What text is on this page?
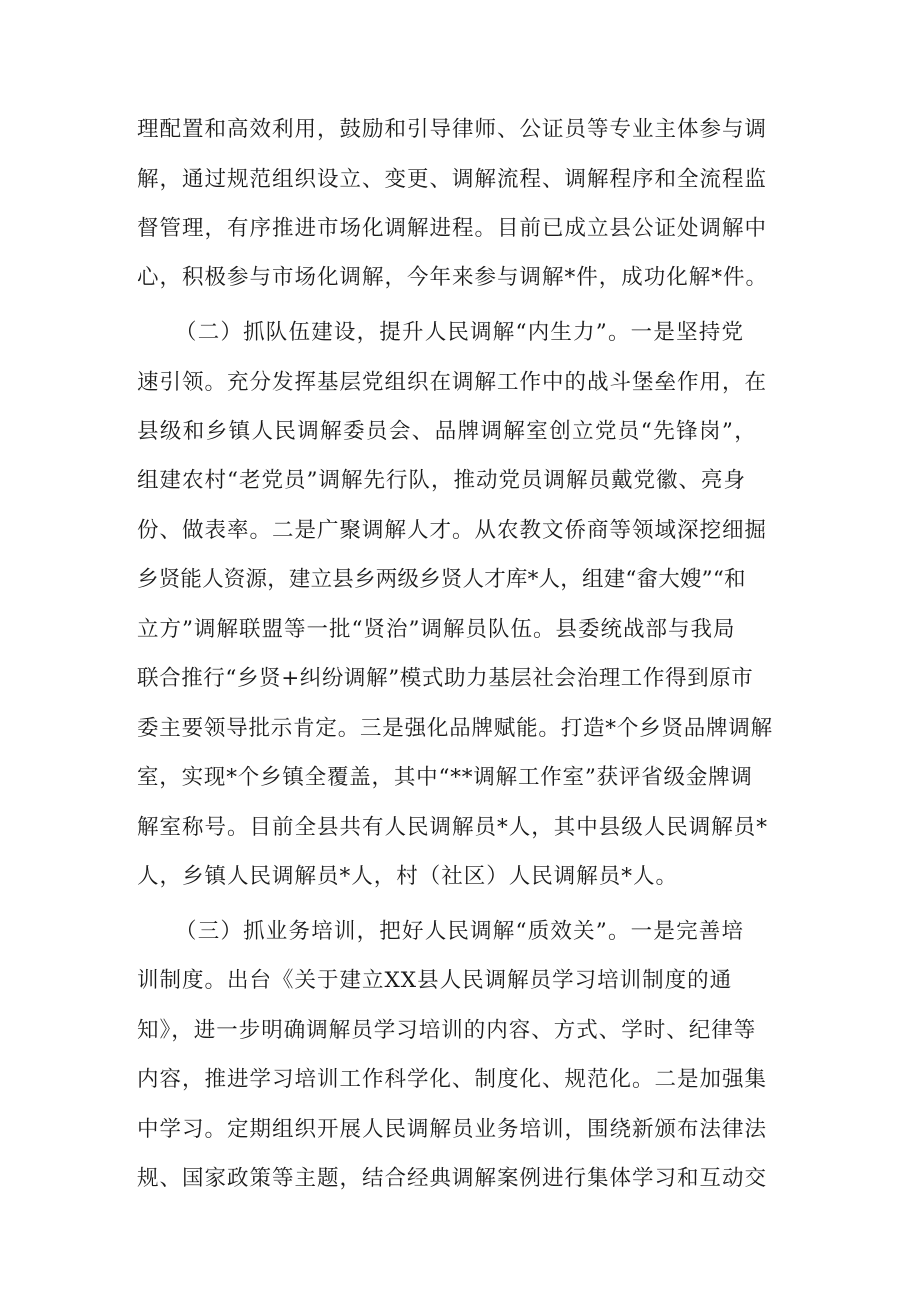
理配置和高效利用，鼓励和引导律师、公证员等专业主体参与调
解，通过规范组织设立、变更、调解流程、调解程序和全流程监
督管理，有序推进市场化调解进程。目前已成立县公证处调解中
心，积极参与市场化调解，今年来参与调解*件，成功化解*件。
（二）抓队伍建设，提升人民调解“内生力”。一是坚持党
速引领。充分发挥基层党组织在调解工作中的战斗堡垒作用，在
县级和乡镇人民调解委员会、品牌调解室创立党员“先锋岗”，
组建农村“老党员”调解先行队，推动党员调解员戴党徽、亮身
份、做表率。二是广聚调解人才。从农教文侨商等领域深挖细掘
乡贤能人资源，建立县乡两级乡贤人才库*人，组建“畲大嫂”“和
立方”调解联盟等一批“贤治”调解员队伍。县委统战部与我局
联合推行“乡贤+纠纷调解”模式助力基层社会治理工作得到原市
委主要领导批示肯定。三是强化品牌赋能。打造*个乡贤品牌调解
室，实现*个乡镇全覆盖，其中“**调解工作室”获评省级金牌调
解室称号。目前全县共有人民调解员*人，其中县级人民调解员*
人，乡镇人民调解员*人，村（社区）人民调解员*人。
（三）抓业务培训，把好人民调解“质效关”。一是完善培
训制度。出台《关于建立XX县人民调解员学习培训制度的通
知》，进一步明确调解员学习培训的内容、方式、学时、纪律等
内容，推进学习培训工作科学化、制度化、规范化。二是加强集
中学习。定期组织开展人民调解员业务培训，围绕新颁布法律法
规、国家政策等主题，结合经典调解案例进行集体学习和互动交
